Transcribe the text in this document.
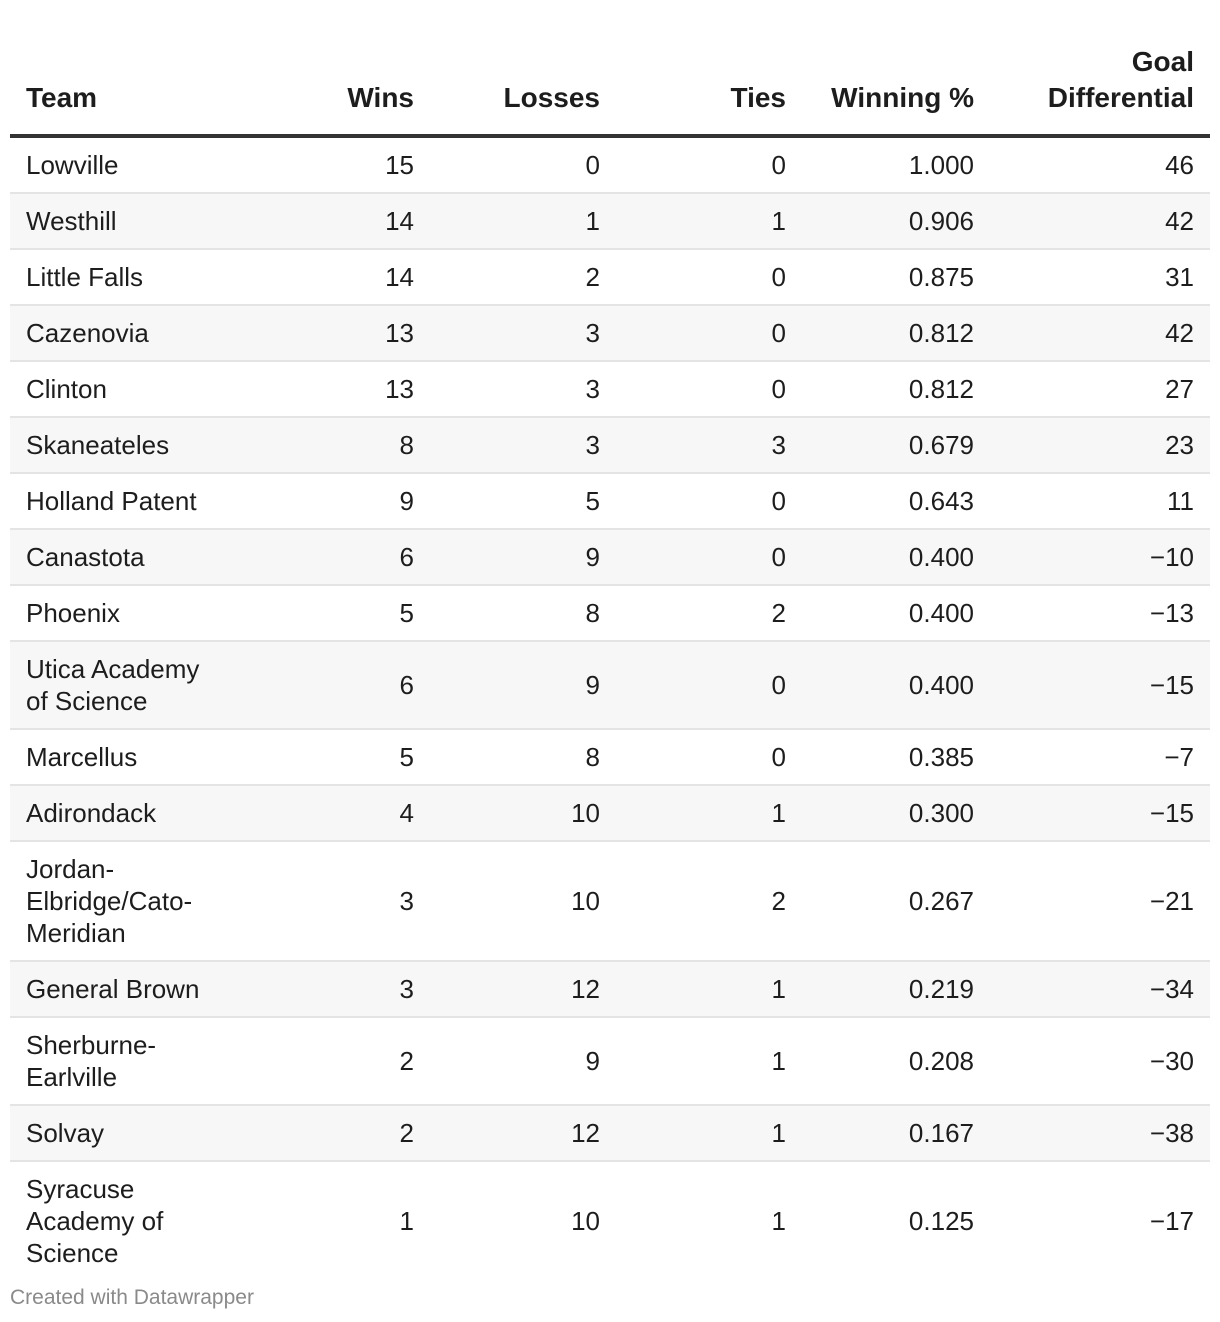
Team	Wins	Losses	Ties	Winning %	Goal Differential
Lowville	15	0	0	1.000	46
Westhill	14	1	1	0.906	42
Little Falls	14	2	0	0.875	31
Cazenovia	13	3	0	0.812	42
Clinton	13	3	0	0.812	27
Skaneateles	8	3	3	0.679	23
Holland Patent	9	5	0	0.643	11
Canastota	6	9	0	0.400	−10
Phoenix	5	8	2	0.400	−13
Utica Academy of Science	6	9	0	0.400	−15
Marcellus	5	8	0	0.385	−7
Adirondack	4	10	1	0.300	−15
Jordan-Elbridge/Cato-Meridian	3	10	2	0.267	−21
General Brown	3	12	1	0.219	−34
Sherburne-Earlville	2	9	1	0.208	−30
Solvay	2	12	1	0.167	−38
Syracuse Academy of Science	1	10	1	0.125	−17
Created with Datawrapper
